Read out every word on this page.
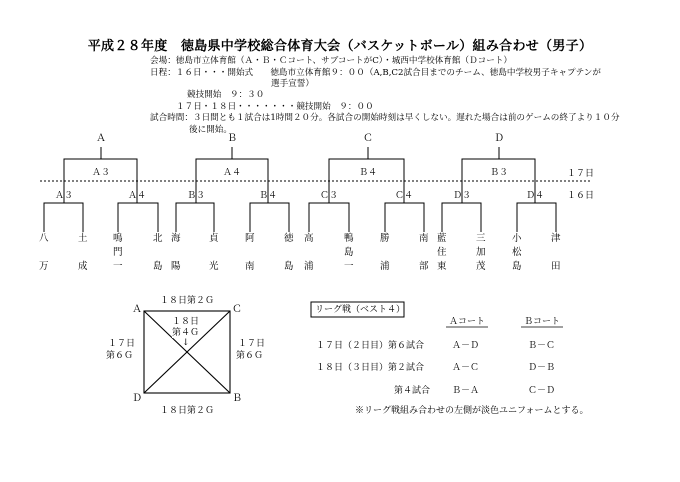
平成２８年度　徳島県中学校総合体育大会（バスケットボール）組み合わせ（男子）
会場：徳島市立体育館（Ａ・Ｂ・Ｃコート、サブコートがC）・城西中学校体育館（Ｄコート）
日程：１６日・・・開始式　　徳島市立体育館９：００（A,B,C2試合目までのチーム、徳島中学校男子キャプテンが
選手宣誓）
競技開始　９：３０
１７日・１８日・・・・・・・競技開始　９：００
試合時間：３日間とも１試合は1時間２０分。各試合の開始時刻は早くしない。遅れた場合は前のゲームの終了より１０分
後に開始。
Ａ	Ｂ	Ｃ	Ｄ
Ａ３	Ａ４	Ｂ４	Ｂ３	１７日
１６日
Ａ３	Ａ４	Ｂ３	Ｂ４	Ｃ３	Ｃ４	Ｄ３	Ｄ４
八
万
土
成
鳴
門
一
北
島
海
陽
貞
光
阿
南
徳
島
高
浦
鴨
島
一
勝
浦
南
部
藍
住
東
三
加
茂
小
松
島
津
田
Ａ	Ｃ
Ｄ	Ｂ
１８日第２Ｇ
１８日第２Ｇ
１７日
第６Ｇ
１７日
第６Ｇ
１８日
第４Ｇ
↓
リーグ戦（ベスト４）
Ａコート	Ｂコート
１７日（２日目）第６試合	Ａ－Ｄ	Ｂ－Ｃ
１８日（３日目）第２試合	Ａ－Ｃ	Ｄ－Ｂ
第４試合 Ｂ－Ａ	Ｃ－Ｄ
※リーグ戦組み合わせの左側が淡色ユニフォームとする。
